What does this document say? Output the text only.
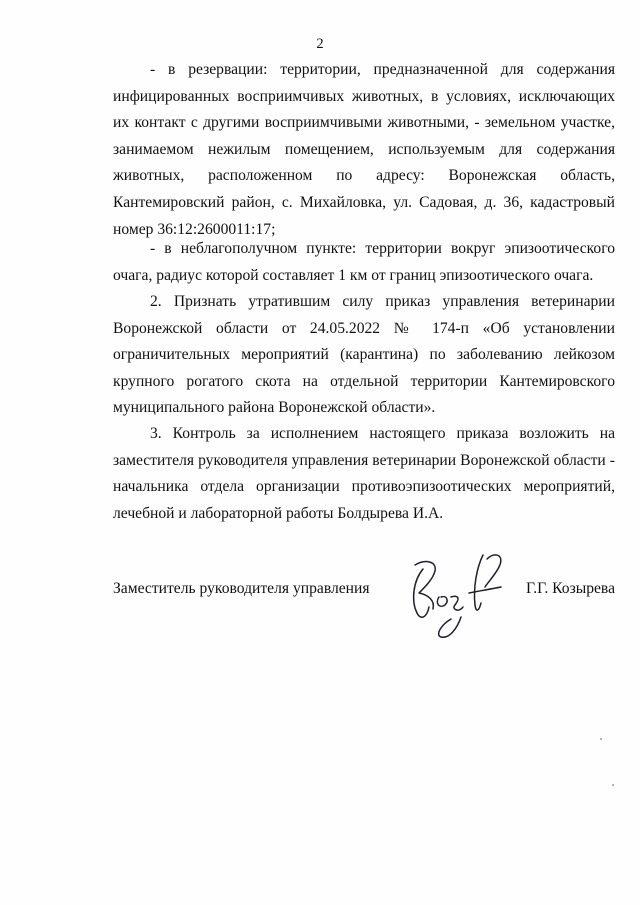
2

- в резервации: территории, предназначенной для содержания инфицированных восприимчивых животных, в условиях, исключающих их контакт с другими восприимчивыми животными, - земельном участке, занимаемом нежилым помещением, используемым для содержания животных, расположенном по адресу: Воронежская область, Кантемировский район, с. Михайловка, ул. Садовая, д. 36, кадастровый номер 36:12:2600011:17;

- в неблагополучном пункте: территории вокруг эпизоотического очага, радиус которой составляет 1 км от границ эпизоотического очага.

2. Признать утратившим силу приказ управления ветеринарии Воронежской области от 24.05.2022 № 174-п «Об установлении ограничительных мероприятий (карантина) по заболеванию лейкозом крупного рогатого скота на отдельной территории Кантемировского муниципального района Воронежской области».

3. Контроль за исполнением настоящего приказа возложить на заместителя руководителя управления ветеринарии Воронежской области - начальника отдела организации противоэпизоотических мероприятий, лечебной и лабораторной работы Болдырева И.А.

Заместитель руководителя управления	Г.Г. Козырева
